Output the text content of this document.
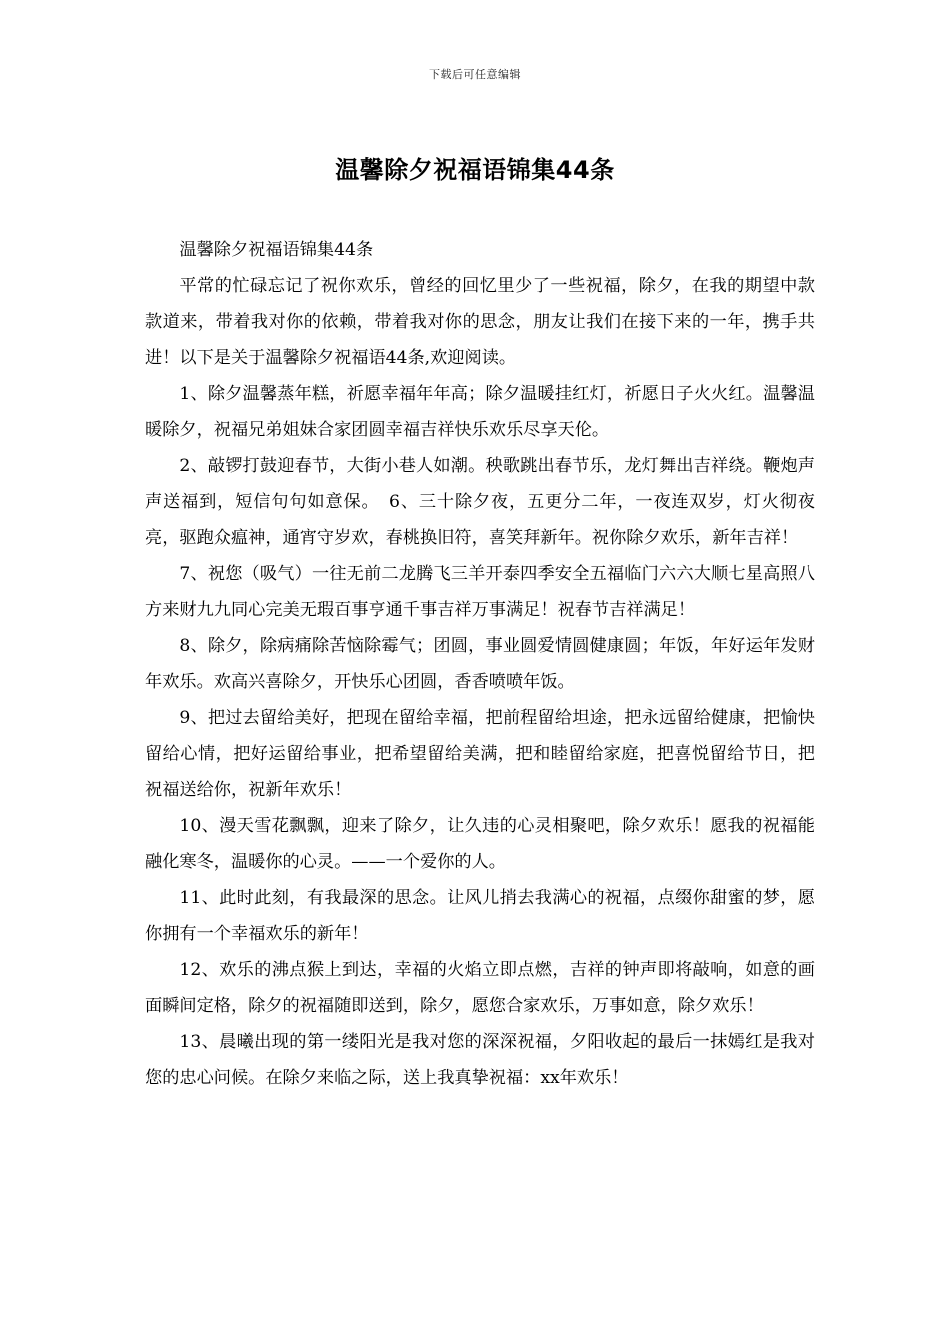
下载后可任意编辑
温馨除夕祝福语锦集44条

温馨除夕祝福语锦集44条

平常的忙碌忘记了祝你欢乐，曾经的回忆里少了一些祝福，除夕，在我的期望中款款道来，带着我对你的依赖，带着我对你的思念，朋友让我们在接下来的一年，携手共进！以下是关于温馨除夕祝福语44条,欢迎阅读。

1、除夕温馨蒸年糕，祈愿幸福年年高；除夕温暖挂红灯，祈愿日子火火红。温馨温暖除夕，祝福兄弟姐妹合家团圆幸福吉祥快乐欢乐尽享天伦。

2、敲锣打鼓迎春节，大街小巷人如潮。秧歌跳出春节乐，龙灯舞出吉祥绕。鞭炮声声送福到，短信句句如意保。　6、三十除夕夜，五更分二年，一夜连双岁，灯火彻夜亮，驱跑众瘟神，通宵守岁欢，春桃换旧符，喜笑拜新年。祝你除夕欢乐，新年吉祥！

7、祝您（吸气）一往无前二龙腾飞三羊开泰四季安全五福临门六六大顺七星高照八方来财九九同心完美无瑕百事亨通千事吉祥万事满足！祝春节吉祥满足！

8、除夕，除病痛除苦恼除霉气；团圆，事业圆爱情圆健康圆；年饭，年好运年发财年欢乐。欢高兴喜除夕，开快乐心团圆，香香喷喷年饭。

9、把过去留给美好，把现在留给幸福，把前程留给坦途，把永远留给健康，把愉快留给心情，把好运留给事业，把希望留给美满，把和睦留给家庭，把喜悦留给节日，把祝福送给你，祝新年欢乐！

10、漫天雪花飘飘，迎来了除夕，让久违的心灵相聚吧，除夕欢乐！愿我的祝福能融化寒冬，温暖你的心灵。——一个爱你的人。

11、此时此刻，有我最深的思念。让风儿捎去我满心的祝福，点缀你甜蜜的梦，愿你拥有一个幸福欢乐的新年！

12、欢乐的沸点猴上到达，幸福的火焰立即点燃，吉祥的钟声即将敲响，如意的画面瞬间定格，除夕的祝福随即送到，除夕，愿您合家欢乐，万事如意，除夕欢乐！

13、晨曦出现的第一缕阳光是我对您的深深祝福，夕阳收起的最后一抹嫣红是我对您的忠心问候。在除夕来临之际，送上我真挚祝福：xx年欢乐！
